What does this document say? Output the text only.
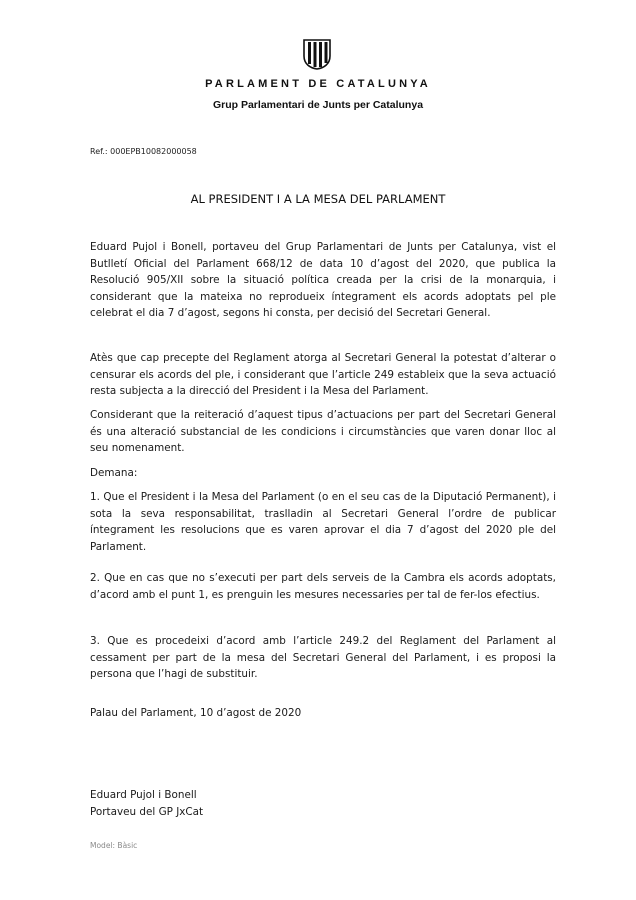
PARLAMENT DE CATALUNYA
Grup Parlamentari de Junts per Catalunya
Ref.: 000EPB10082000058
AL PRESIDENT I A LA MESA DEL PARLAMENT
Eduard Pujol i Bonell, portaveu del Grup Parlamentari de Junts per Catalunya, vist el Butlletí Oficial del Parlament 668/12 de data 10 d’agost del 2020, que publica la Resolució 905/XII sobre la situació política creada per la crisi de la monarquia, i considerant que la mateixa no reprodueix íntegrament els acords adoptats pel ple celebrat el dia 7 d’agost, segons hi consta, per decisió del Secretari General.
Atès que cap precepte del Reglament atorga al Secretari General la potestat d’alterar o censurar els acords del ple, i considerant que l’article 249 estableix que la seva actuació resta subjecta a la direcció del President i la Mesa del Parlament.
Considerant que la reiteració d’aquest tipus d’actuacions per part del Secretari General és una alteració substancial de les condicions i circumstàncies que varen donar lloc al seu nomenament.
Demana:
1. Que el President i la Mesa del Parlament (o en el seu cas de la Diputació Permanent), i sota la seva responsabilitat, traslladin al Secretari General l’ordre de publicar íntegrament les resolucions que es varen aprovar el dia 7 d’agost del 2020 ple del Parlament.
2. Que en cas que no s’executi per part dels serveis de la Cambra els acords adoptats, d’acord amb el punt 1, es prenguin les mesures necessaries per tal de fer-los efectius.
3. Que es procedeixi d’acord amb l’article 249.2 del Reglament del Parlament al cessament per part de la mesa del Secretari General del Parlament, i es proposi la persona que l’hagi de substituir.
Palau del Parlament, 10 d’agost de 2020
Eduard Pujol i Bonell
Portaveu del GP JxCat
Model: Bàsic
